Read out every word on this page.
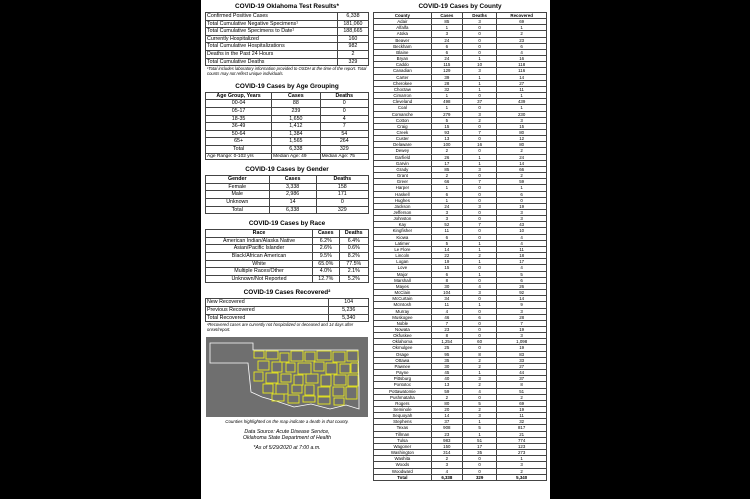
COVID-19 Oklahoma Test Results*
Confirmed Positive Cases	6,338
Total Cumulative Negative Specimens¹	181,060
Total Cumulative Specimens to Date¹	188,665
Currently Hospitalized	160
Total Cumulative Hospitalizations	982
Deaths in the Past 24 Hours	2
Total Cumulative Deaths	329
¹Total includes laboratory information provided to OSDH at the time of the report. Total counts may not reflect unique individuals.
COVID-19 Cases by Age Grouping
Age Group, Years	Cases	Deaths
00-04	88	0
05-17	239	0
18-35	1,650	4
36-49	1,412	7
50-64	1,384	54
65+	1,565	264
Total	6,338	329
Age Range: 0-102 yrs	Median Age: 49	Median Age: 75
COVID-19 Cases by Gender
Gender	Cases	Deaths
Female	3,338	158
Male	2,986	171
Unknown	14	0
Total	6,338	329
COVID-19 Cases by Race
Race	Cases	Deaths
American Indian/Alaska Native	6.2%	6.4%
Asian/Pacific Islander	2.6%	0.6%
Black/African American	9.5%	8.2%
White	65.0%	77.5%
Multiple Races/Other	4.0%	2.1%
Unknown/Not Reported	12.7%	5.2%
COVID-19 Cases Recovered²
New Recovered	104
Previous Recovered	5,236
Total Recovered	5,340
²Recovered cases are currently not hospitalized or deceased and 14 days after onset/report.
Counties highlighted on the map indicate a death in that county.
Data Source: Acute Disease Service,
Oklahoma State Department of Health
*As of 5/29/2020 at 7:00 a.m.
COVID-19 Cases by County
County	Cases	Deaths	Recovered
Adair	85	3	69
Alfalfa	1	0	1
Atoka	3	0	2
Beaver	24	0	23
Beckham	6	0	6
Blaine	6	0	4
Bryan	24	1	16
Caddo	115	10	118
Canadian	129	3	116
Carter	39	1	14
Cherokee	28	1	27
Choctaw	32	1	11
Cimarron	1	0	1
Cleveland	498	37	439
Coal	1	0	1
Comanche	279	3	230
Cotton	5	2	3
Craig	15	0	15
Creek	93	7	80
Custer	13	0	12
Delaware	100	16	80
Dewey	2	0	2
Garfield	26	1	24
Garvin	17	1	14
Grady	85	3	66
Grant	2	0	2
Greer	66	7	59
Harper	1	0	1
Haskell	6	0	6
Hughes	1	0	0
Jackson	24	3	19
Jefferson	3	0	3
Johnston	3	0	3
Kay	52	7	43
Kingfisher	11	0	10
Kiowa	6	0	4
Latimer	5	1	4
Le Flore	14	1	11
Lincoln	22	2	18
Logan	19	1	17
Love	15	0	4
Major	6	1	5
Marshall	8	0	6
Mayes	30	4	26
McClain	104	3	92
McCurtain	34	0	14
McIntosh	11	1	9
Murray	4	0	3
Muskogee	46	6	28
Noble	7	0	7
Nowata	23	0	19
Okfuskee	8	0	3
Oklahoma	1,254	60	1,098
Okmulgee	25	0	19
Osage	95	8	83
Ottawa	35	2	33
Pawnee	30	2	27
Payne	45	1	44
Pittsburg	40	3	37
Pontotoc	13	2	8
Pottawatomie	59	4	51
Pushmataha	2	0	2
Rogers	80	5	69
Seminole	20	2	19
Sequoyah	14	3	11
Stephens	37	1	32
Texas	908	5	817
Tillman	23	1	21
Tulsa	983	51	774
Wagoner	150	17	123
Washington	314	35	273
Washita	2	0	1
Woods	3	0	3
Woodward	4	0	2
Total	6,338	329	5,340
